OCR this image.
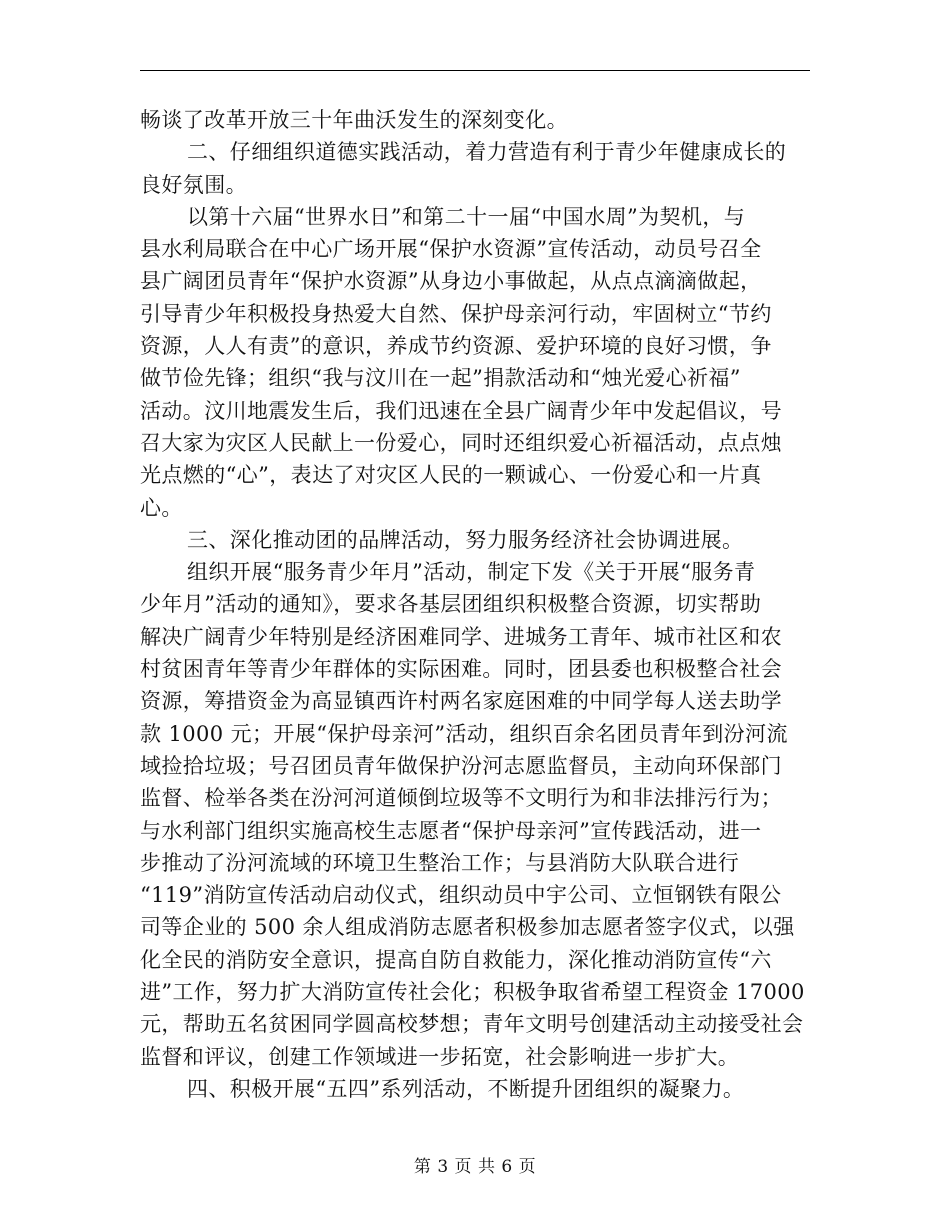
畅谈了改革开放三十年曲沃发生的深刻变化。
二、仔细组织道德实践活动，着力营造有利于青少年健康成长的
良好氛围。
以第十六届“世界水日”和第二十一届“中国水周”为契机，与
县水利局联合在中心广场开展“保护水资源”宣传活动，动员号召全
县广阔团员青年“保护水资源”从身边小事做起，从点点滴滴做起，
引导青少年积极投身热爱大自然、保护母亲河行动，牢固树立“节约
资源，人人有责”的意识，养成节约资源、爱护环境的良好习惯，争
做节俭先锋；组织“我与汶川在一起”捐款活动和“烛光爱心祈福”
活动。汶川地震发生后，我们迅速在全县广阔青少年中发起倡议，号
召大家为灾区人民献上一份爱心，同时还组织爱心祈福活动，点点烛
光点燃的“心”，表达了对灾区人民的一颗诚心、一份爱心和一片真
心。
三、深化推动团的品牌活动，努力服务经济社会协调进展。
组织开展“服务青少年月”活动，制定下发《关于开展“服务青
少年月”活动的通知》，要求各基层团组织积极整合资源，切实帮助
解决广阔青少年特别是经济困难同学、进城务工青年、城市社区和农
村贫困青年等青少年群体的实际困难。同时，团县委也积极整合社会
资源，筹措资金为高显镇西许村两名家庭困难的中同学每人送去助学
款 1000 元；开展“保护母亲河”活动，组织百余名团员青年到汾河流
域捡拾垃圾；号召团员青年做保护汾河志愿监督员，主动向环保部门
监督、检举各类在汾河河道倾倒垃圾等不文明行为和非法排污行为；
与水利部门组织实施高校生志愿者“保护母亲河”宣传践活动，进一
步推动了汾河流域的环境卫生整治工作；与县消防大队联合进行
“119”消防宣传活动启动仪式，组织动员中宇公司、立恒钢铁有限公
司等企业的 500 余人组成消防志愿者积极参加志愿者签字仪式，以强
化全民的消防安全意识，提高自防自救能力，深化推动消防宣传“六
进”工作，努力扩大消防宣传社会化；积极争取省希望工程资金 17000
元，帮助五名贫困同学圆高校梦想；青年文明号创建活动主动接受社会
监督和评议，创建工作领域进一步拓宽，社会影响进一步扩大。
四、积极开展“五四”系列活动，不断提升团组织的凝聚力。
第 3 页 共 6 页
